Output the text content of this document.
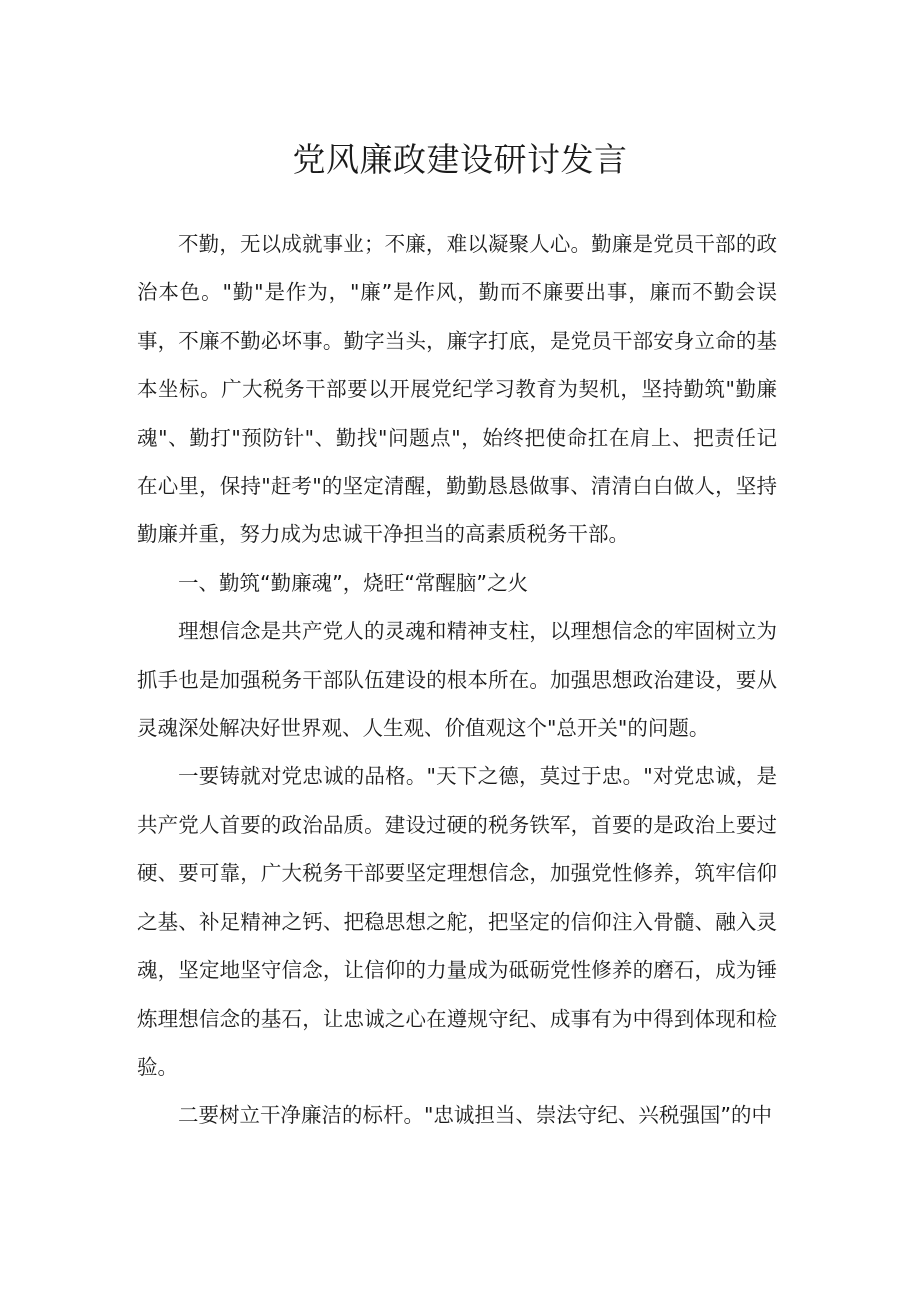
党风廉政建设研讨发言

不勤，无以成就事业；不廉，难以凝聚人心。勤廉是党员干部的政治本色。"勤"是作为，"廉”是作风，勤而不廉要出事，廉而不勤会误事，不廉不勤必坏事。勤字当头，廉字打底，是党员干部安身立命的基本坐标。广大税务干部要以开展党纪学习教育为契机，坚持勤筑"勤廉魂"、勤打"预防针"、勤找"问题点"，始终把使命扛在肩上、把责任记在心里，保持"赶考"的坚定清醒，勤勤恳恳做事、清清白白做人，坚持勤廉并重，努力成为忠诚干净担当的高素质税务干部。

一、勤筑“勤廉魂”，烧旺“常醒脑”之火

理想信念是共产党人的灵魂和精神支柱，以理想信念的牢固树立为抓手也是加强税务干部队伍建设的根本所在。加强思想政治建设，要从灵魂深处解决好世界观、人生观、价值观这个"总开关"的问题。

一要铸就对党忠诚的品格。"天下之德，莫过于忠。"对党忠诚，是共产党人首要的政治品质。建设过硬的税务铁军，首要的是政治上要过硬、要可靠，广大税务干部要坚定理想信念，加强党性修养，筑牢信仰之基、补足精神之钙、把稳思想之舵，把坚定的信仰注入骨髓、融入灵魂，坚定地坚守信念，让信仰的力量成为砥砺党性修养的磨石，成为锤炼理想信念的基石，让忠诚之心在遵规守纪、成事有为中得到体现和检验。

二要树立干净廉洁的标杆。"忠诚担当、崇法守纪、兴税强国”的中
